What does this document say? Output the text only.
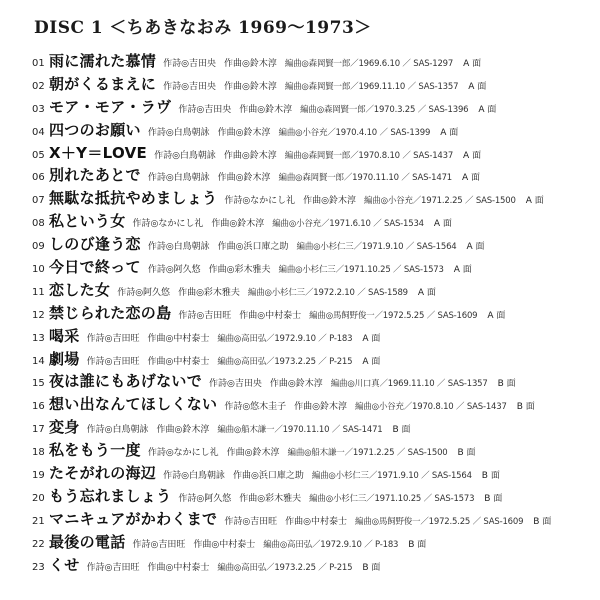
DISC 1 ＜ちあきなおみ 1969〜1973＞
01 雨に濡れた慕情 作詩◎吉田央 作曲◎鈴木淳 編曲◎森岡賢一郎 ／1969.6.10 ／ SAS-1297 A 面
02 朝がくるまえに 作詩◎吉田央 作曲◎鈴木淳 編曲◎森岡賢一郎 ／1969.11.10 ／ SAS-1357 A 面
03 モア・モア・ラヴ 作詩◎吉田央 作曲◎鈴木淳 編曲◎森岡賢一郎 ／1970.3.25 ／ SAS-1396 A 面
04 四つのお願い 作詩◎白鳥朝詠 作曲◎鈴木淳 編曲◎小谷充 ／1970.4.10 ／ SAS-1399 A 面
05 X＋Y＝LOVE 作詩◎白鳥朝詠 作曲◎鈴木淳 編曲◎森岡賢一郎 ／1970.8.10 ／ SAS-1437 A 面
06 別れたあとで 作詩◎白鳥朝詠 作曲◎鈴木淳 編曲◎森岡賢一郎 ／1970.11.10 ／ SAS-1471 A 面
07 無駄な抵抗やめましょう 作詩◎なかにし礼 作曲◎鈴木淳 編曲◎小谷充 ／1971.2.25 ／ SAS-1500 A 面
08 私という女 作詩◎なかにし礼 作曲◎鈴木淳 編曲◎小谷充 ／1971.6.10 ／ SAS-1534 A 面
09 しのび逢う恋 作詩◎白鳥朝詠 作曲◎浜口庫之助 編曲◎小杉仁三 ／1971.9.10 ／ SAS-1564 A 面
10 今日で終って 作詩◎阿久悠 作曲◎彩木雅夫 編曲◎小杉仁三 ／1971.10.25 ／ SAS-1573 A 面
11 恋した女 作詩◎阿久悠 作曲◎彩木雅夫 編曲◎小杉仁三 ／1972.2.10 ／ SAS-1589 A 面
12 禁じられた恋の島 作詩◎吉田旺 作曲◎中村泰士 編曲◎馬飼野俊一 ／1972.5.25 ／ SAS-1609 A 面
13 喝采 作詩◎吉田旺 作曲◎中村泰士 編曲◎高田弘 ／1972.9.10 ／ P-183 A 面
14 劇場 作詩◎吉田旺 作曲◎中村泰士 編曲◎高田弘 ／1973.2.25 ／ P-215 A 面
15 夜は誰にもあげないで 作詩◎吉田央 作曲◎鈴木淳 編曲◎川口真 ／1969.11.10 ／ SAS-1357 B 面
16 想い出なんてほしくない 作詩◎悠木圭子 作曲◎鈴木淳 編曲◎小谷充 ／1970.8.10 ／ SAS-1437 B 面
17 変身 作詩◎白鳥朝詠 作曲◎鈴木淳 編曲◎船木謙一 ／1970.11.10 ／ SAS-1471 B 面
18 私をもう一度 作詩◎なかにし礼 作曲◎鈴木淳 編曲◎船木謙一 ／1971.2.25 ／ SAS-1500 B 面
19 たそがれの海辺 作詩◎白鳥朝詠 作曲◎浜口庫之助 編曲◎小杉仁三 ／1971.9.10 ／ SAS-1564 B 面
20 もう忘れましょう 作詩◎阿久悠 作曲◎彩木雅夫 編曲◎小杉仁三 ／1971.10.25 ／ SAS-1573 B 面
21 マニキュアがかわくまで 作詩◎吉田旺 作曲◎中村泰士 編曲◎馬飼野俊一 ／1972.5.25 ／ SAS-1609 B 面
22 最後の電話 作詩◎吉田旺 作曲◎中村泰士 編曲◎高田弘 ／1972.9.10 ／ P-183 B 面
23 くせ 作詩◎吉田旺 作曲◎中村泰士 編曲◎高田弘 ／1973.2.25 ／ P-215 B 面
